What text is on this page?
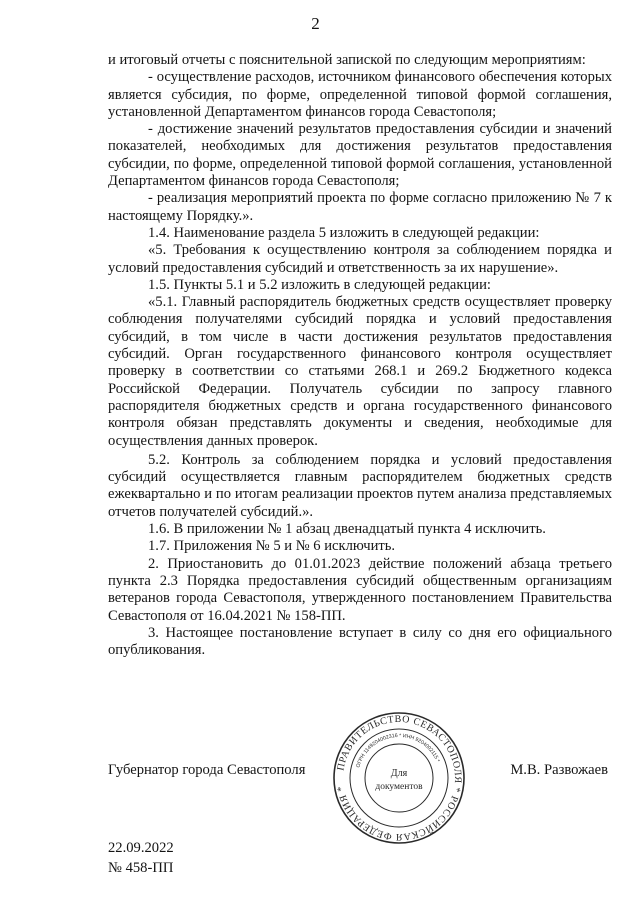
2

и итоговый отчеты с пояснительной запиской по следующим мероприятиям:

- осуществление расходов, источником финансового обеспечения которых является субсидия, по форме, определенной типовой формой соглашения, установленной Департаментом финансов города Севастополя;

- достижение значений результатов предоставления субсидии и значений показателей, необходимых для достижения результатов предоставления субсидии, по форме, определенной типовой формой соглашения, установленной Департаментом финансов города Севастополя;

- реализация мероприятий проекта по форме согласно приложению № 7 к настоящему Порядку.».

1.4. Наименование раздела 5 изложить в следующей редакции:

«5. Требования к осуществлению контроля за соблюдением порядка и условий предоставления субсидий и ответственность за их нарушение».

1.5. Пункты 5.1 и 5.2 изложить в следующей редакции:

«5.1. Главный распорядитель бюджетных средств осуществляет проверку соблюдения получателями субсидий порядка и условий предоставления субсидий, в том числе в части достижения результатов предоставления субсидий. Орган государственного финансового контроля осуществляет проверку в соответствии со статьями 268.1 и 269.2 Бюджетного кодекса Российской Федерации. Получатель субсидии по запросу главного распорядителя бюджетных средств и органа государственного финансового контроля обязан представлять документы и сведения, необходимые для осуществления данных проверок.

5.2. Контроль за соблюдением порядка и условий предоставления субсидий осуществляется главным распорядителем бюджетных средств ежеквартально и по итогам реализации проектов путем анализа представляемых отчетов получателей субсидий.».

1.6. В приложении № 1 абзац двенадцатый пункта 4 исключить.

1.7. Приложения № 5 и № 6 исключить.

2. Приостановить до 01.01.2023 действие положений абзаца третьего пункта 2.3 Порядка предоставления субсидий общественным организациям ветеранов города Севастополя, утвержденного постановлением Правительства Севастополя от 16.04.2021 № 158-ПП.

3. Настоящее постановление вступает в силу со дня его официального опубликования.

Губернатор города Севастополя	М.В. Развожаев
ПРАВИТЕЛЬСТВО СЕВАСТОПОЛЯ * РОССИЙСКАЯ ФЕДЕРАЦИЯ *
ОГРН 1149204002316 * ИНН 9204002115 *
Для
документов
22.09.2022
№ 458-ПП
